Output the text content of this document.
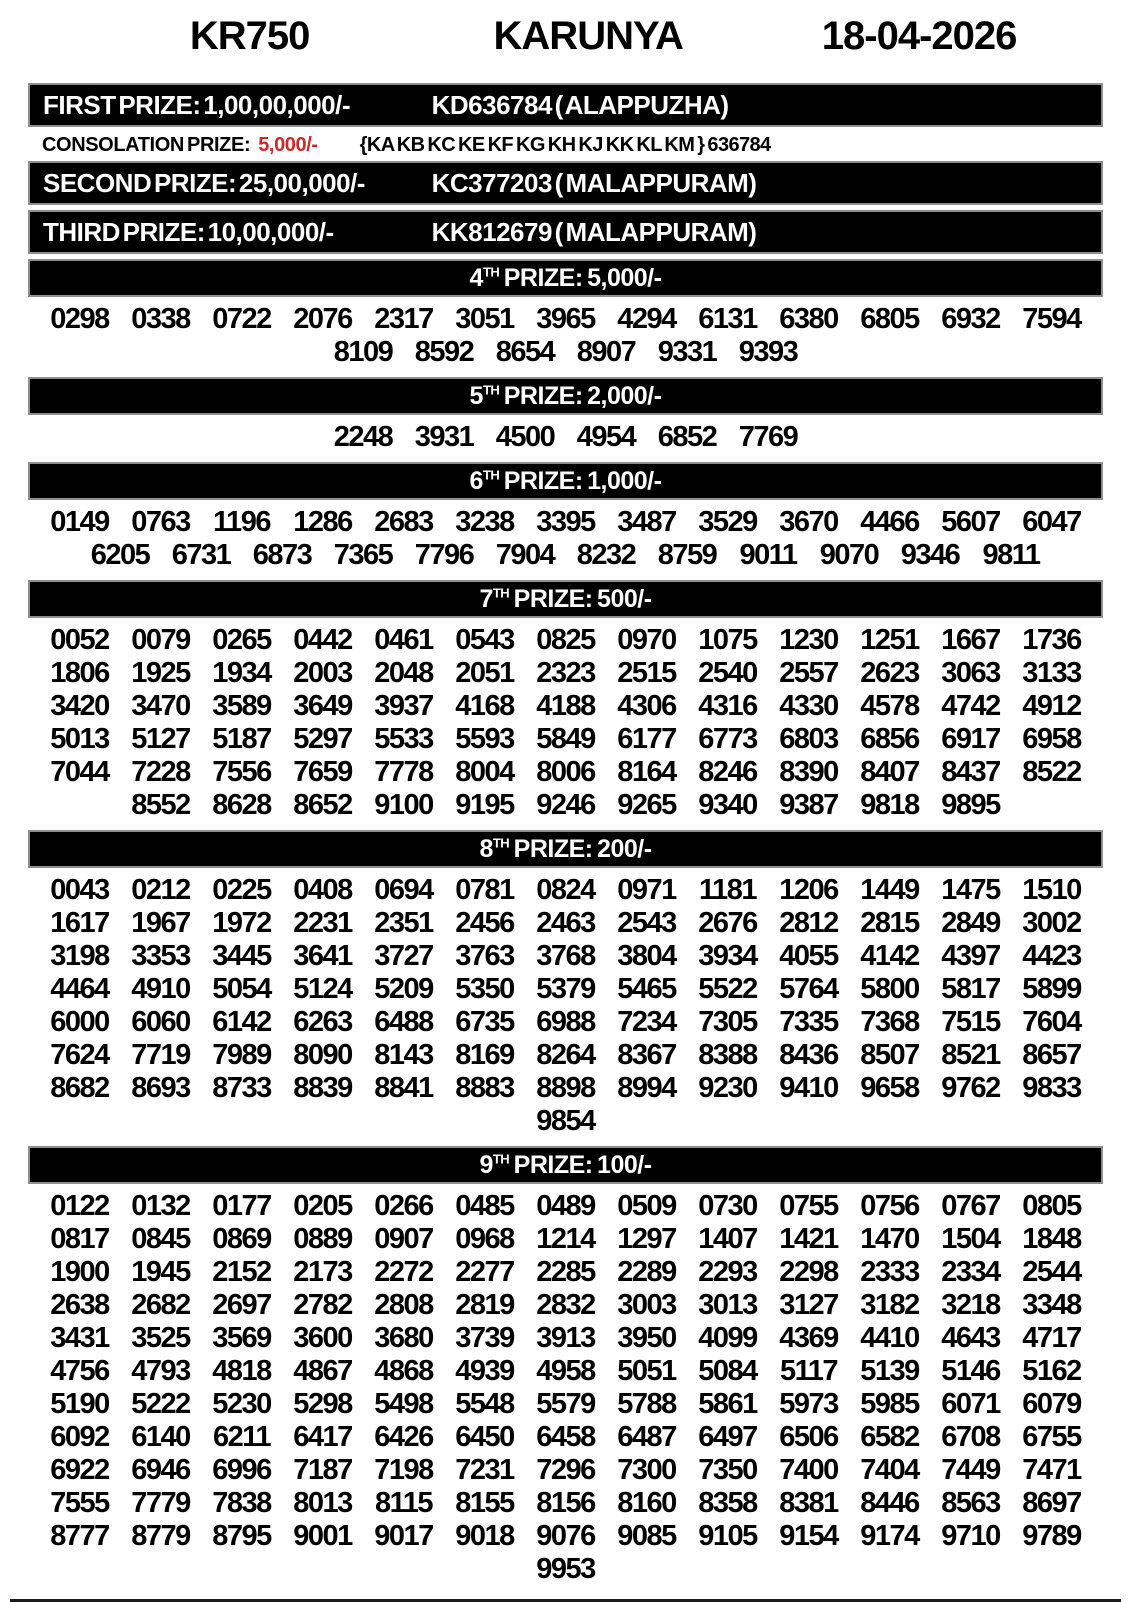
KR750	KARUNYA	18-04-2026
FIRST PRIZE: 1,00,00,000/-	KD636784 ( ALAPPUZHA)
CONSOLATION PRIZE: 5,000/- {KA KB KC KE KF KG KH KJ KK KL KM } 636784
SECOND PRIZE: 25,00,000/-	KC377203 ( MALAPPURAM)
THIRD PRIZE: 10,00,000/-	KK812679 ( MALAPPURAM)
4TH PRIZE: 5,000/-
0298 0338 0722 2076 2317 3051 3965 4294 6131 6380 6805 6932 7594
8109 8592 8654 8907 9331 9393
5TH PRIZE: 2,000/-
2248 3931 4500 4954 6852 7769
6TH PRIZE: 1,000/-
0149 0763 1196 1286 2683 3238 3395 3487 3529 3670 4466 5607 6047
6205 6731 6873 7365 7796 7904 8232 8759 9011 9070 9346 9811
7TH PRIZE: 500/-
0052 0079 0265 0442 0461 0543 0825 0970 1075 1230 1251 1667 1736
1806 1925 1934 2003 2048 2051 2323 2515 2540 2557 2623 3063 3133
3420 3470 3589 3649 3937 4168 4188 4306 4316 4330 4578 4742 4912
5013 5127 5187 5297 5533 5593 5849 6177 6773 6803 6856 6917 6958
7044 7228 7556 7659 7778 8004 8006 8164 8246 8390 8407 8437 8522
8552 8628 8652 9100 9195 9246 9265 9340 9387 9818 9895
8TH PRIZE: 200/-
0043 0212 0225 0408 0694 0781 0824 0971 1181 1206 1449 1475 1510
1617 1967 1972 2231 2351 2456 2463 2543 2676 2812 2815 2849 3002
3198 3353 3445 3641 3727 3763 3768 3804 3934 4055 4142 4397 4423
4464 4910 5054 5124 5209 5350 5379 5465 5522 5764 5800 5817 5899
6000 6060 6142 6263 6488 6735 6988 7234 7305 7335 7368 7515 7604
7624 7719 7989 8090 8143 8169 8264 8367 8388 8436 8507 8521 8657
8682 8693 8733 8839 8841 8883 8898 8994 9230 9410 9658 9762 9833
9854
9TH PRIZE: 100/-
0122 0132 0177 0205 0266 0485 0489 0509 0730 0755 0756 0767 0805
0817 0845 0869 0889 0907 0968 1214 1297 1407 1421 1470 1504 1848
1900 1945 2152 2173 2272 2277 2285 2289 2293 2298 2333 2334 2544
2638 2682 2697 2782 2808 2819 2832 3003 3013 3127 3182 3218 3348
3431 3525 3569 3600 3680 3739 3913 3950 4099 4369 4410 4643 4717
4756 4793 4818 4867 4868 4939 4958 5051 5084 5117 5139 5146 5162
5190 5222 5230 5298 5498 5548 5579 5788 5861 5973 5985 6071 6079
6092 6140 6211 6417 6426 6450 6458 6487 6497 6506 6582 6708 6755
6922 6946 6996 7187 7198 7231 7296 7300 7350 7400 7404 7449 7471
7555 7779 7838 8013 8115 8155 8156 8160 8358 8381 8446 8563 8697
8777 8779 8795 9001 9017 9018 9076 9085 9105 9154 9174 9710 9789
9953
